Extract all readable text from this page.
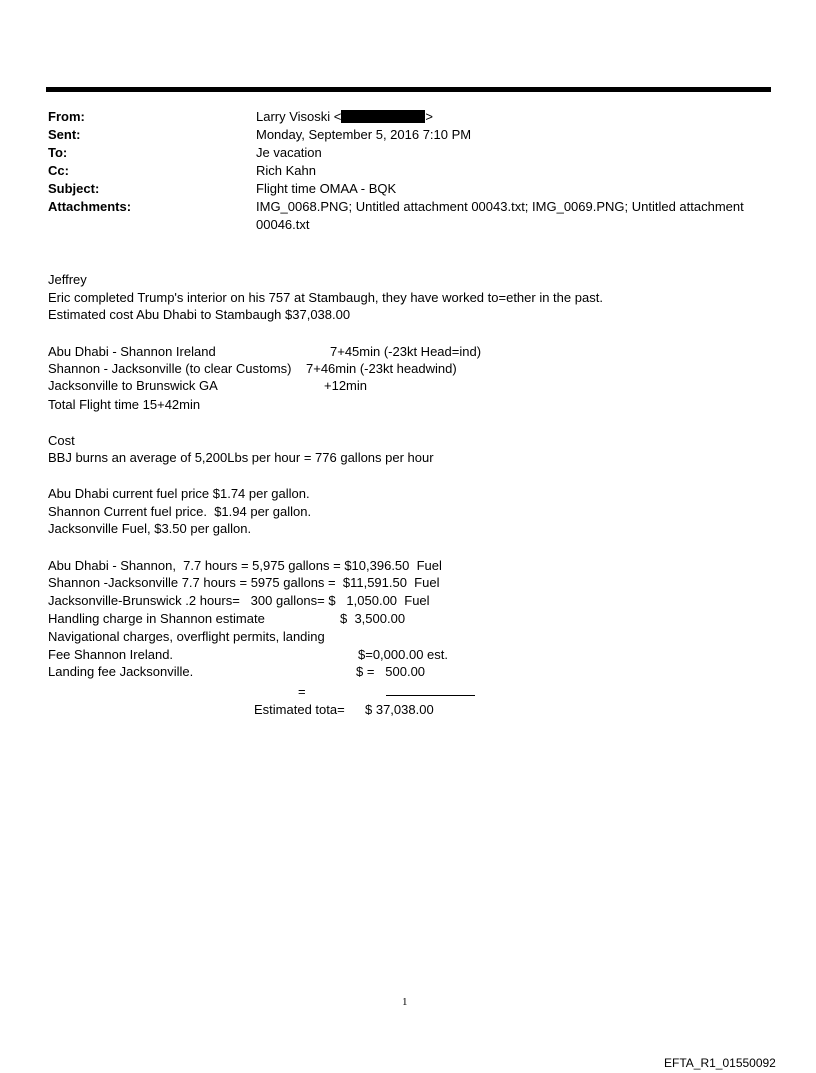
From:	Larry Visoski <	>
Sent:	Monday, September 5, 2016 7:10 PM
To:	Je vacation
Cc:	Rich Kahn
Subject:	Flight time OMAA - BQK
Attachments:	IMG_0068.PNG; Untitled attachment 00043.txt; IMG_0069.PNG; Untitled attachment
00046.txt
Jeffrey
Eric completed Trump's interior on his 757 at Stambaugh, they have worked to=ether in the past.
Estimated cost Abu Dhabi to Stambaugh $37,038.00
Abu Dhabi - Shannon Ireland	7+45min (-23kt Head=ind)
Shannon - Jacksonville (to clear Customs) 7+46min (-23kt headwind)
Jacksonville to Brunswick GA	+12min
Total Flight time 15+42min
Cost
BBJ burns an average of 5,200Lbs per hour = 776 gallons per hour
Abu Dhabi current fuel price $1.74 per gallon.
Shannon Current fuel price.  $1.94 per gallon.
Jacksonville Fuel, $3.50 per gallon.
Abu Dhabi - Shannon,  7.7 hours = 5,975 gallons = $10,396.50  Fuel
Shannon -Jacksonville 7.7 hours = 5975 gallons =  $11,591.50  Fuel
Jacksonville-Brunswick .2 hours=   300 gallons= $   1,050.00  Fuel
Handling charge in Shannon estimate	$  3,500.00
Navigational charges, overflight permits, landing
Fee Shannon Ireland.	$=0,000.00 est.
Landing fee Jacksonville.	$ =   500.00
=
Estimated tota= $ 37,038.00
1
EFTA_R1_01550092
